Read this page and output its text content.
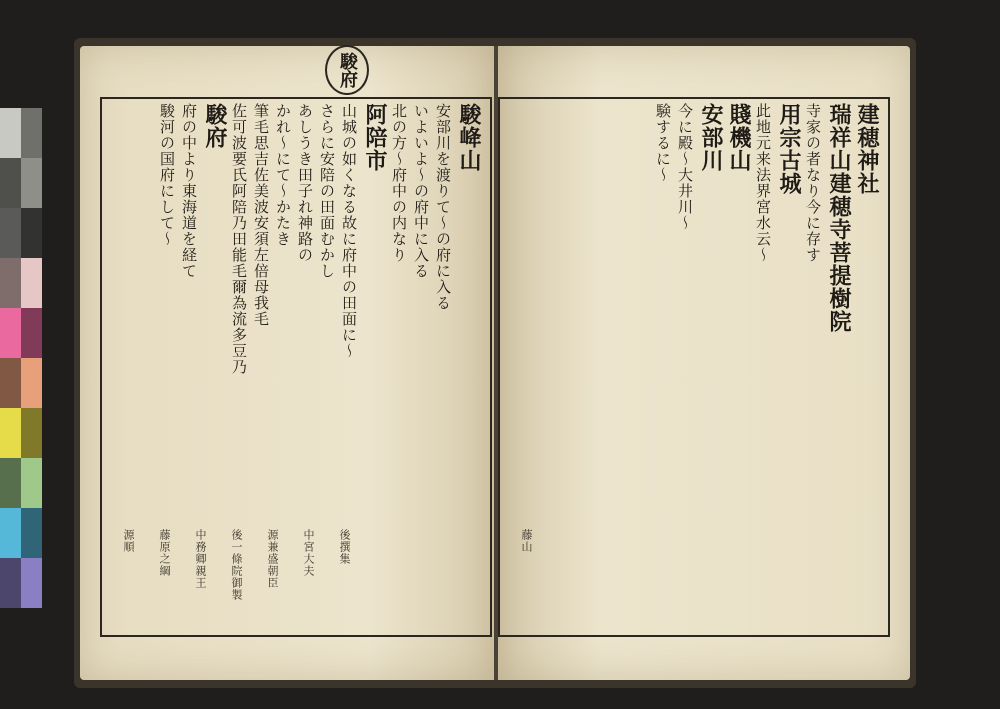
駿𡶶山
安部川を渡りて〜の府に入る
いよいよ〜の府中に入る
北の方〜府中の内なり
阿陪市
山城の如くなる故に府中の田面に〜
さらに安陪の田面むかし
あしうき田子れ神路の
かれ〜にて〜かたき
筆毛思吉佐美波安須左倍母我毛
佐可波要氏阿陪乃田能毛爾為流多豆乃
駿府
府の中より東海道を経て
駿河の国府にして〜
源順 藤原之綱 中務卿親王 後一條院御製 源兼盛朝臣 中宮大夫 後撰集
建穂神社
瑞祥山建穂寺菩提樹院
寺家の者なり今に存す
用宗古城
此地元来法界宮水云〜
賤機山
安部川
今に殿〜大井川〜
験するに〜
藤山
駿府
